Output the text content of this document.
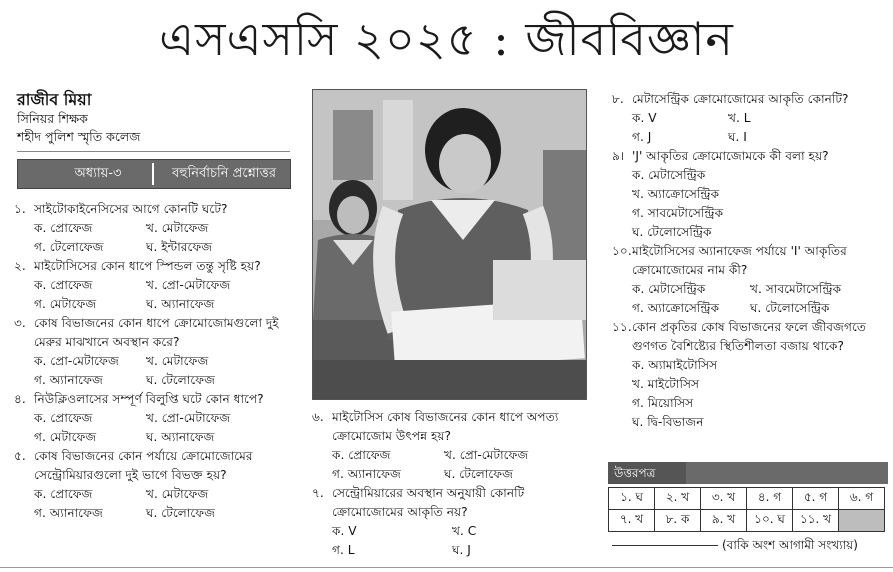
এসএসসি ২০২৫ : জীববিজ্ঞান
রাজীব মিয়া
সিনিয়র শিক্ষক
শহীদ পুলিশ স্মৃতি কলেজ
অধ্যায়-৩	বহুনির্বাচনি প্রশ্নোত্তর
১. সাইটোকাইনেসিসের আগে কোনটি ঘটে?
ক. প্রোফেজ	খ. মেটাফেজ
গ. টেলোফেজ	ঘ. ইন্টারফেজ
২. মাইটোসিসের কোন ধাপে স্পিন্ডল তন্তু সৃষ্টি হয়?
ক. প্রোফেজ	খ. প্রো-মেটাফেজ
গ. মেটাফেজ	ঘ. অ্যানাফেজ
৩. কোষ বিভাজনের কোন ধাপে ক্রোমোজোমগুলো দুই মেরুর মাঝখানে অবস্থান করে?
ক. প্রো-মেটাফেজ	খ. মেটাফেজ
গ. অ্যানাফেজ	ঘ. টেলোফেজ
৪. নিউক্লিওলাসের সম্পূর্ণ বিলুপ্তি ঘটে কোন ধাপে?
ক. প্রোফেজ	খ. প্রো-মেটাফেজ
গ. মেটাফেজ	ঘ. অ্যানাফেজ
৫. কোষ বিভাজনের কোন পর্যায়ে ক্রোমোজোমের সেন্ট্রোমিয়ারগুলো দুই ভাগে বিভক্ত হয়?
ক. প্রোফেজ	খ. মেটাফেজ
গ. অ্যানাফেজ	ঘ. টেলোফেজ
৬. মাইটোসিস কোষ বিভাজনের কোন ধাপে অপত্য ক্রোমোজোম উৎপন্ন হয়?
ক. প্রোফেজ	খ. প্রো-মেটাফেজ
গ. অ্যানাফেজ	ঘ. টেলোফেজ
৭. সেন্ট্রোমিয়ারের অবস্থান অনুযায়ী কোনটি ক্রোমোজোমের আকৃতি নয়?
ক. V	খ. C
গ. L	ঘ. J
৮. মেটাসেন্ট্রিক ক্রোমোজোমের আকৃতি কোনটি?
ক. V	খ. L
গ. J	ঘ. I
৯। 'J' আকৃতির ক্রোমোজোমকে কী বলা হয়?
ক. মেটাসেন্ট্রিক
খ. অ্যাক্রোসেন্ট্রিক
গ. সাবমেটাসেন্ট্রিক
ঘ. টেলোসেন্ট্রিক
১০. মাইটোসিসের অ্যানাফেজ পর্যায়ে 'I' আকৃতির ক্রোমোজোমের নাম কী?
ক. মেটাসেন্ট্রিক	খ. সাবমেটাসেন্ট্রিক
গ. অ্যাক্রোসেন্ট্রিক	ঘ. টেলোসেন্ট্রিক
১১. কোন প্রকৃতির কোষ বিভাজনের ফলে জীবজগতে গুণগত বৈশিষ্ট্যের স্থিতিশীলতা বজায় থাকে?
ক. অ্যামাইটোসিস
খ. মাইটোসিস
গ. মিয়োসিস
ঘ. দ্বি-বিভাজন
উত্তরপত্র
১. ঘ	২. খ	৩. খ	৪. গ	৫. গ	৬. গ
৭. খ	৮. ক	৯. খ	১০. ঘ	১১. খ	
(বাকি অংশ আগামী সংখ্যায়)
